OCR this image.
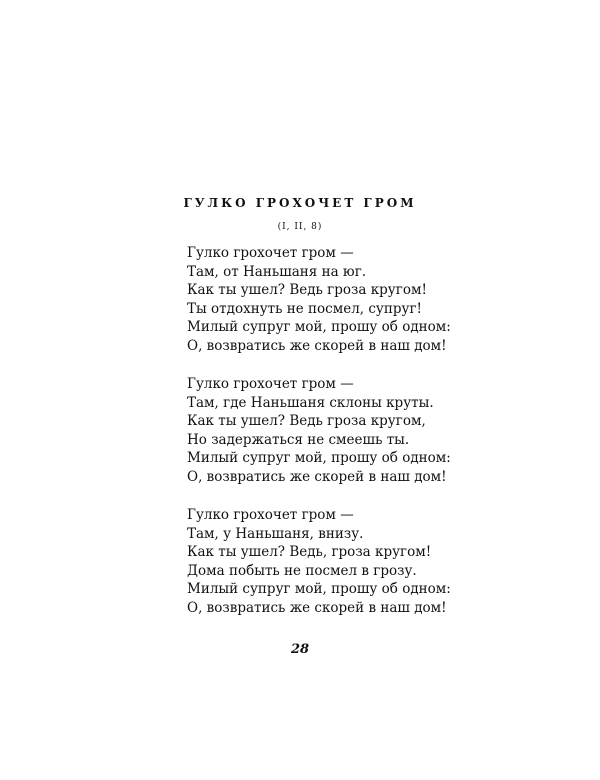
ГУЛКО ГРОХОЧЕТ ГРОМ

(I, II, 8)

Гулко грохочет гром —
Там, от Наньшаня на юг.
Как ты ушел? Ведь гроза кругом!
Ты отдохнуть не посмел, супруг!
Милый супруг мой, прошу об одном:
О, возвратись же скорей в наш дом!
Гулко грохочет гром —
Там, где Наньшаня склоны круты.
Как ты ушел? Ведь гроза кругом,
Но задержаться не смеешь ты.
Милый супруг мой, прошу об одном:
О, возвратись же скорей в наш дом!
Гулко грохочет гром —
Там, у Наньшаня, внизу.
Как ты ушел? Ведь, гроза кругом!
Дома побыть не посмел в грозу.
Милый супруг мой, прошу об одном:
О, возвратись же скорей в наш дом!

28
